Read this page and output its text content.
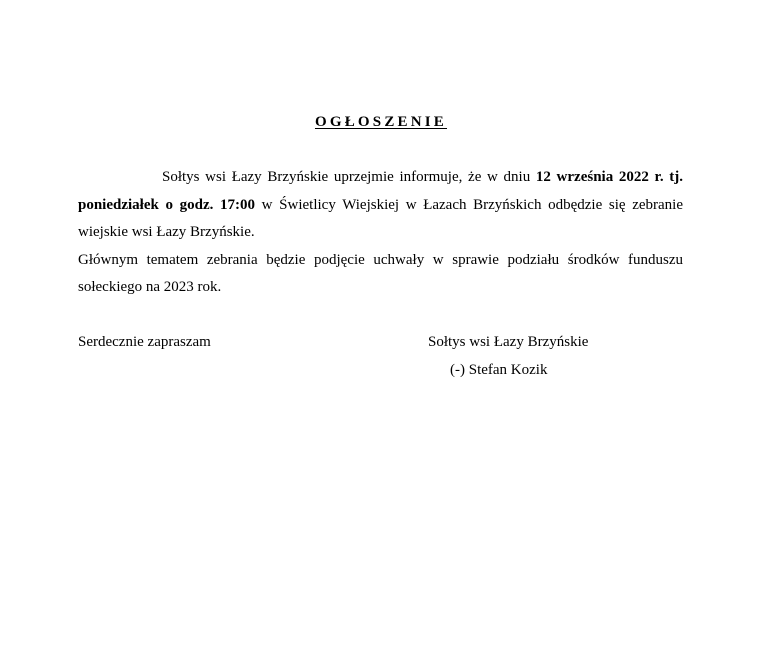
OGŁOSZENIE

Sołtys wsi Łazy Brzyńskie uprzejmie informuje, że w dniu 12 września 2022 r. tj. poniedziałek o godz. 17:00 w Świetlicy Wiejskiej w Łazach Brzyńskich odbędzie się zebranie wiejskie wsi Łazy Brzyńskie.

Głównym tematem zebrania będzie podjęcie uchwały w sprawie podziału środków funduszu sołeckiego na 2023 rok.

Serdecznie zapraszam	Sołtys wsi Łazy Brzyńskie
(-) Stefan Kozik
